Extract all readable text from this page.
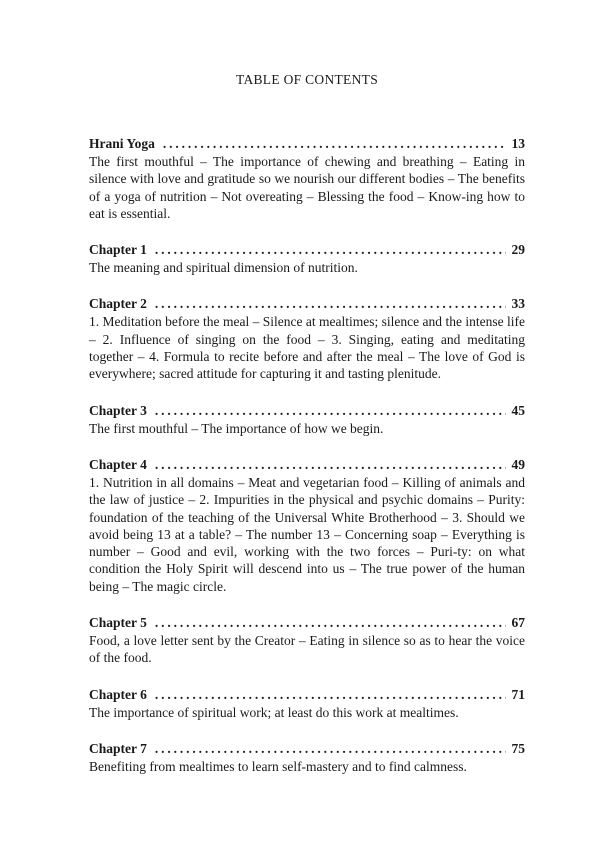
TABLE OF CONTENTS
Hrani Yoga . . .	13
The first mouthful – The importance of chewing and breathing – Eating in silence with love and gratitude so we nourish our different bodies – The benefits of a yoga of nutrition – Not overeating – Blessing the food – Know-ing how to eat is essential.
Chapter 1 . . .	29
The meaning and spiritual dimension of nutrition.
Chapter 2 . . .	33
1. Meditation before the meal – Silence at mealtimes; silence and the intense life – 2. Influence of singing on the food – 3. Singing, eating and meditating together – 4. Formula to recite before and after the meal – The love of God is everywhere; sacred attitude for capturing it and tasting plenitude.
Chapter 3 . . .	45
The first mouthful – The importance of how we begin.
Chapter 4 . . .	49
1. Nutrition in all domains – Meat and vegetarian food – Killing of animals and the law of justice – 2. Impurities in the physical and psychic domains – Purity: foundation of the teaching of the Universal White Brotherhood – 3. Should we avoid being 13 at a table? – The number 13 – Concerning soap – Everything is number – Good and evil, working with the two forces – Puri-ty: on what condition the Holy Spirit will descend into us – The true power of the human being – The magic circle.
Chapter 5 . . .	67
Food, a love letter sent by the Creator – Eating in silence so as to hear the voice of the food.
Chapter 6 . . .	71
The importance of spiritual work; at least do this work at mealtimes.
Chapter 7 . . .	75
Benefiting from mealtimes to learn self-mastery and to find calmness.
